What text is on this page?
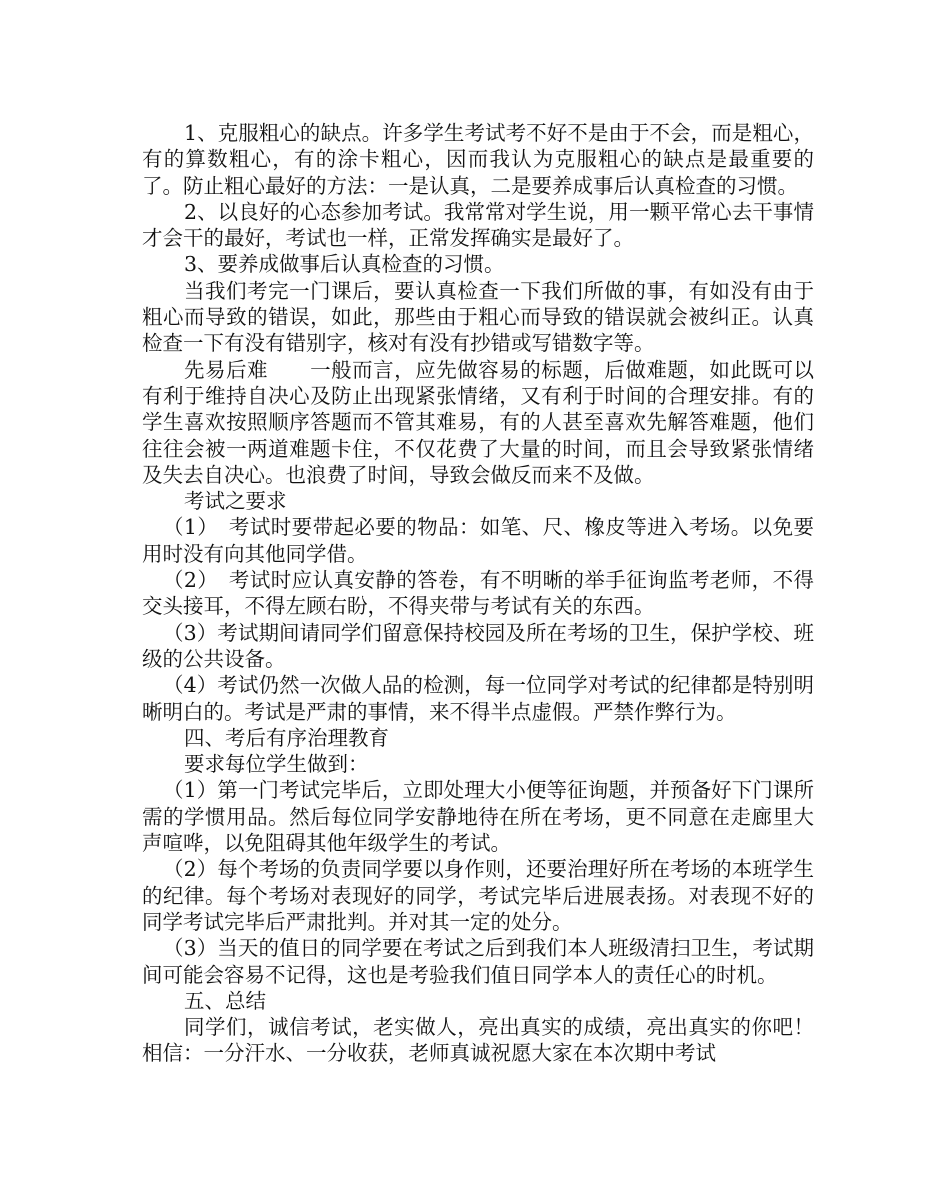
1、克服粗心的缺点。许多学生考试考不好不是由于不会，而是粗心，有的算数粗心，有的涂卡粗心，因而我认为克服粗心的缺点是最重要的了。防止粗心最好的方法：一是认真，二是要养成事后认真检查的习惯。

2、以良好的心态参加考试。我常常对学生说，用一颗平常心去干事情才会干的最好，考试也一样，正常发挥确实是最好了。

3、要养成做事后认真检查的习惯。

当我们考完一门课后，要认真检查一下我们所做的事，有如没有由于粗心而导致的错误，如此，那些由于粗心而导致的错误就会被纠正。认真检查一下有没有错别字，核对有没有抄错或写错数字等。

先易后难　　一般而言，应先做容易的标题，后做难题，如此既可以有利于维持自决心及防止出现紧张情绪，又有利于时间的合理安排。有的学生喜欢按照顺序答题而不管其难易，有的人甚至喜欢先解答难题，他们往往会被一两道难题卡住，不仅花费了大量的时间，而且会导致紧张情绪及失去自决心。也浪费了时间，导致会做反而来不及做。

考试之要求

（1）　考试时要带起必要的物品：如笔、尺、橡皮等进入考场。以免要用时没有向其他同学借。

（2）　考试时应认真安静的答卷，有不明晰的举手征询监考老师，不得交头接耳，不得左顾右盼，不得夹带与考试有关的东西。

（3）考试期间请同学们留意保持校园及所在考场的卫生，保护学校、班级的公共设备。

（4）考试仍然一次做人品的检测，每一位同学对考试的纪律都是特别明晰明白的。考试是严肃的事情，来不得半点虚假。严禁作弊行为。

四、考后有序治理教育

要求每位学生做到：

（1）第一门考试完毕后，立即处理大小便等征询题，并预备好下门课所需的学惯用品。然后每位同学安静地待在所在考场，更不同意在走廊里大声喧哗，以免阻碍其他年级学生的考试。

（2）每个考场的负责同学要以身作则，还要治理好所在考场的本班学生的纪律。每个考场对表现好的同学，考试完毕后进展表扬。对表现不好的同学考试完毕后严肃批判。并对其一定的处分。

（3）当天的值日的同学要在考试之后到我们本人班级清扫卫生，考试期间可能会容易不记得，这也是考验我们值日同学本人的责任心的时机。

五、总结

同学们，诚信考试，老实做人，亮出真实的成绩，亮出真实的你吧！相信：一分汗水、一分收获，老师真诚祝愿大家在本次期中考试
